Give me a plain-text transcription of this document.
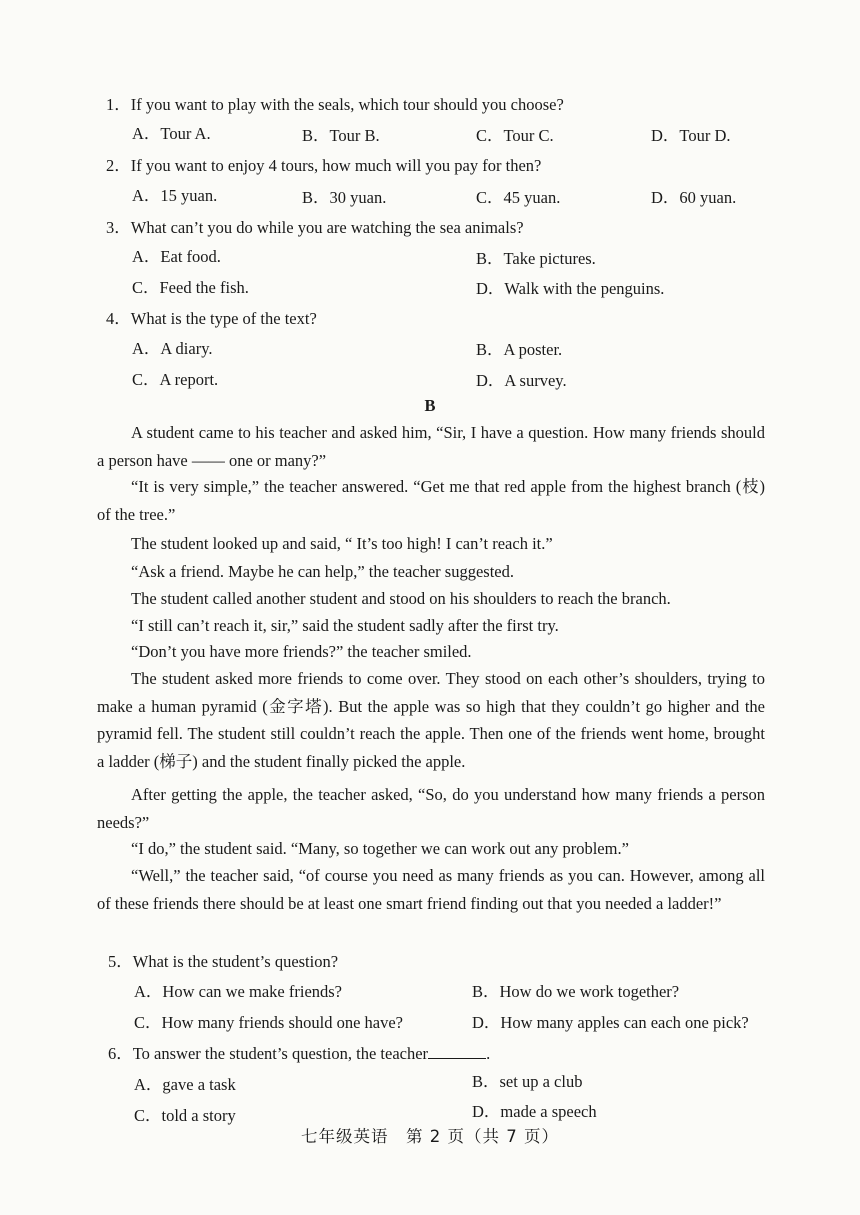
1．If you want to play with the seals, which tour should you choose?
A．Tour A.	B．Tour B.	C．Tour C.	D．Tour D.
2．If you want to enjoy 4 tours, how much will you pay for then?
A．15 yuan.	B．30 yuan.	C．45 yuan.	D．60 yuan.
3．What can’t you do while you are watching the sea animals?
A．Eat food.	B．Take pictures.
C．Feed the fish.	D．Walk with the penguins.
4．What is the type of the text?
A．A diary.	B．A poster.
C．A report.	D．A survey.
B
A student came to his teacher and asked him, “Sir, I have a question. How many friends should a person have —— one or many?”
“It is very simple,” the teacher answered. “Get me that red apple from the highest branch (枝) of the tree.”
The student looked up and said, “ It’s too high! I can’t reach it.”
“Ask a friend. Maybe he can help,” the teacher suggested.
The student called another student and stood on his shoulders to reach the branch.
“I still can’t reach it, sir,” said the student sadly after the first try.
“Don’t you have more friends?” the teacher smiled.
The student asked more friends to come over. They stood on each other’s shoulders, trying to make a human pyramid (金字塔). But the apple was so high that they couldn’t go higher and the pyramid fell. The student still couldn’t reach the apple. Then one of the friends went home, brought a ladder (梯子) and the student finally picked the apple.
After getting the apple, the teacher asked, “So, do you understand how many friends a person needs?”
“I do,” the student said. “Many, so together we can work out any problem.”
“Well,” the teacher said, “of course you need as many friends as you can. However, among all of these friends there should be at least one smart friend finding out that you needed a ladder!”
5．What is the student’s question?
A．How can we make friends?	B．How do we work together?
C．How many friends should one have?	D．How many apples can each one pick?
6．To answer the student’s question, the teacher	.
A．gave a task	B．set up a club
C．told a story	D．made a speech
七年级英语　第 2 页（共 7 页）
